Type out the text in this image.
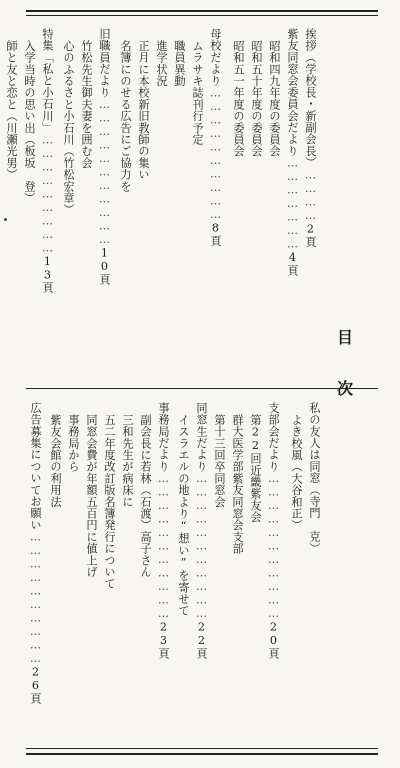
目
次
挨拶（学校長・新副会長）…………2頁
紫友同窓会委員会だより…………………4頁
昭和四九年度の委員会
昭和五十年度の委員会
昭和五一年度の委員会
母校だより…………………………8頁
ムラサキ誌刊行予定
職員異動
進学状況
正月に本校新旧教師の集い
名簿にのせる広告にご協力を
旧職員だより……………………………10頁
竹松先生御夫妻を囲む会
心のふるさと小石川（竹松宏章）
特集「私と小石川」………………………13頁
入学当時の思い出（板坂　登）
師と友と恋と（川瀬光男）
私の友人は同窓（寺門　克）
よき校風（大谷和正）
支部会だより……………………………20頁
第22回近畿紫友会
群大医学部紫友同窓会支部
第十三回卒同窓会
同窓生だより……………………………22頁
イスラエルの地より“想い”を寄せて
事務局だより……………………………23頁
副会長に若林（石渡）高子さん
三和先生が病床に
五二年度改訂版名簿発行について
同窓会費が年額五百円に値上げ
事務局から
紫友会館の利用法
広告募集についてお願い…………………………26頁
